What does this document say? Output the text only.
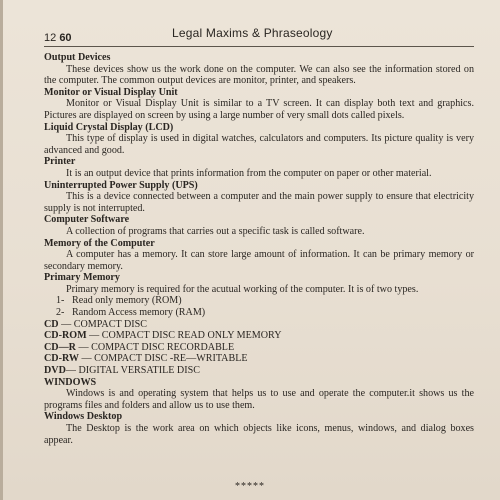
12 60	Legal Maxims & Phraseology

Output Devices

These devices show us the work done on the computer. We can also see the information stored on the computer. The common output devices are monitor, printer, and speakers.

Monitor or Visual Display Unit

Monitor or Visual Display Unit is similar to a TV screen. It can display both text and graphics. Pictures are displayed on screen by using a large number of very small dots called pixels.

Liquid Crystal Display (LCD)

This type of display is used in digital watches, calculators and computers. Its picture quality is very advanced and good.

Printer

It is an output device that prints information from the computer on paper or other material.

Uninterrupted Power Supply (UPS)

This is a device connected between a computer and the main power supply to ensure that electricity supply is not interrupted.

Computer Software

A collection of programs that carries out a specific task is called software.

Memory of the Computer

A computer has a memory. It can store large amount of information. It can be primary memory or secondary memory.

Primary Memory

Primary memory is required for the acutual working of the computer. It is of two types.

1- Read only memory (ROM)

2- Random Access memory (RAM)

CD — COMPACT DISC

CD-ROM — COMPACT DISC READ ONLY MEMORY

CD—R — COMPACT DISC RECORDABLE

CD-RW — COMPACT DISC -RE—WRITABLE

DVD— DIGITAL VERSATILE DISC

WINDOWS

Windows is and operating system that helps us to use and operate the computer.it shows us the programs files and folders and allow us to use them.

Windows Desktop

The Desktop is the work area on which objects like icons, menus, windows, and dialog boxes appear.

*****
